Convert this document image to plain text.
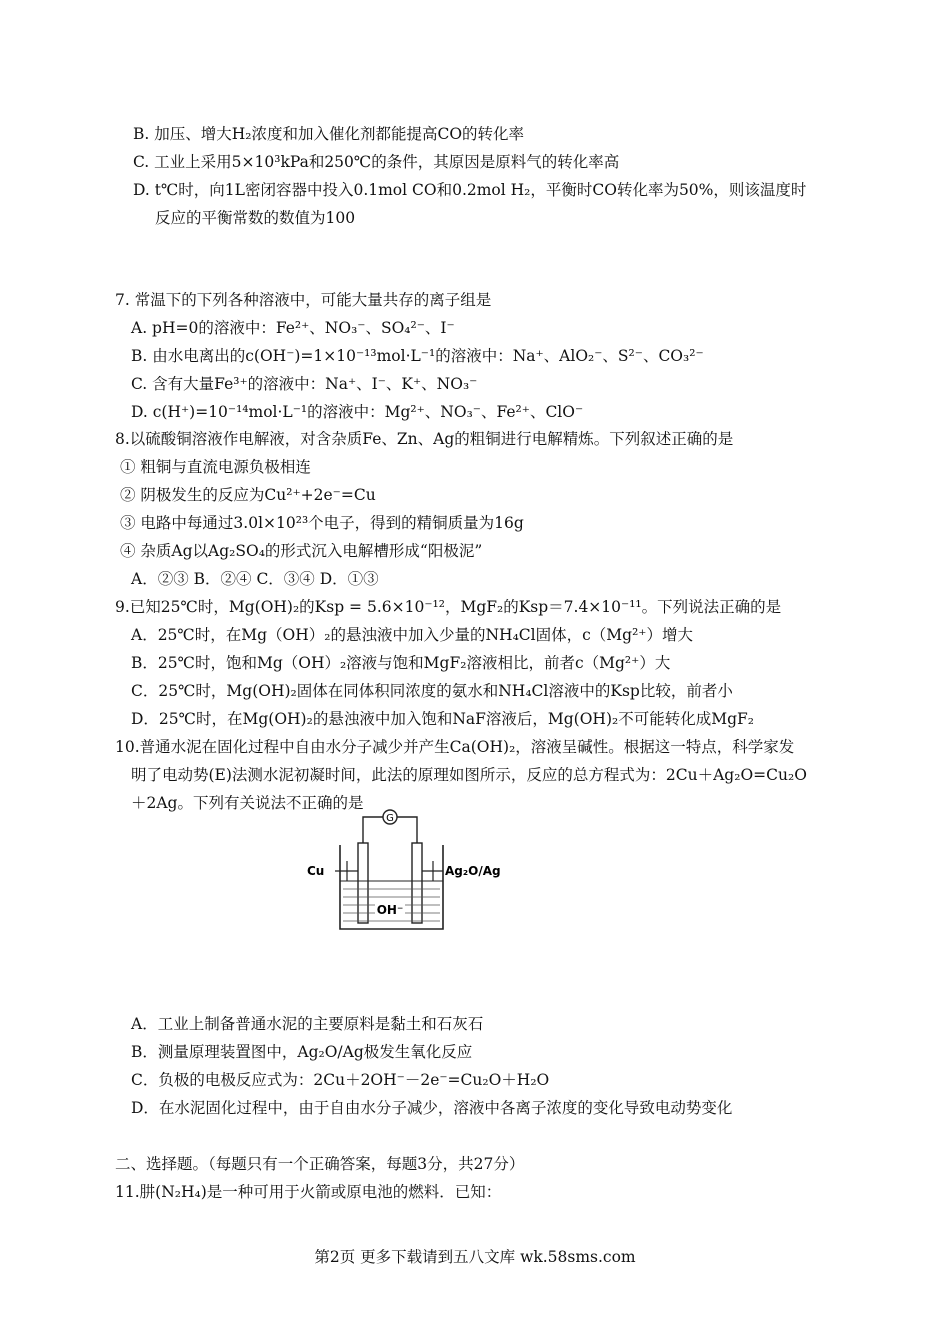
B. 加压、增大H₂浓度和加入催化剂都能提高CO的转化率
C. 工业上采用5×10³kPa和250℃的条件，其原因是原料气的转化率高
D. t℃时，向1L密闭容器中投入0.1mol CO和0.2mol H₂，平衡时CO转化率为50%，则该温度时
反应的平衡常数的数值为100
7. 常温下的下列各种溶液中，可能大量共存的离子组是
A. pH=0的溶液中：Fe²⁺、NO₃⁻、SO₄²⁻、I⁻
B. 由水电离出的c(OH⁻)=1×10⁻¹³mol·L⁻¹的溶液中：Na⁺、AlO₂⁻、S²⁻、CO₃²⁻
C. 含有大量Fe³⁺的溶液中：Na⁺、I⁻、K⁺、NO₃⁻
D. c(H⁺)=10⁻¹⁴mol·L⁻¹的溶液中：Mg²⁺、NO₃⁻、Fe²⁺、ClO⁻
8.以硫酸铜溶液作电解液，对含杂质Fe、Zn、Ag的粗铜进行电解精炼。下列叙述正确的是
① 粗铜与直流电源负极相连
② 阴极发生的反应为Cu²⁺+2e⁻=Cu
③ 电路中每通过3.0l×10²³个电子，得到的精铜质量为16g
④ 杂质Ag以Ag₂SO₄的形式沉入电解槽形成“阳极泥”
A．②③ B．②④ C．③④ D．①③
9.已知25℃时，Mg(OH)₂的Ksp = 5.6×10⁻¹²，MgF₂的Ksp＝7.4×10⁻¹¹。下列说法正确的是
A．25℃时，在Mg（OH）₂的悬浊液中加入少量的NH₄Cl固体，c（Mg²⁺）增大
B．25℃时，饱和Mg（OH）₂溶液与饱和MgF₂溶液相比，前者c（Mg²⁺）大
C．25℃时，Mg(OH)₂固体在同体积同浓度的氨水和NH₄Cl溶液中的Ksp比较，前者小
D．25℃时，在Mg(OH)₂的悬浊液中加入饱和NaF溶液后，Mg(OH)₂不可能转化成MgF₂
10.普通水泥在固化过程中自由水分子减少并产生Ca(OH)₂，溶液呈碱性。根据这一特点，科学家发
明了电动势(E)法测水泥初凝时间，此法的原理如图所示，反应的总方程式为：2Cu＋Ag₂O=Cu₂O
＋2Ag。下列有关说法不正确的是
G
OH⁻
Cu	Ag₂O/Ag
A．工业上制备普通水泥的主要原料是黏土和石灰石
B．测量原理装置图中，Ag₂O/Ag极发生氧化反应
C．负极的电极反应式为：2Cu＋2OH⁻－2e⁻=Cu₂O＋H₂O
D．在水泥固化过程中，由于自由水分子减少，溶液中各离子浓度的变化导致电动势变化
二、选择题。（每题只有一个正确答案，每题3分，共27分）
11.肼(N₂H₄)是一种可用于火箭或原电池的燃料．已知：
第2页 更多下载请到五八文库 wk.58sms.com
